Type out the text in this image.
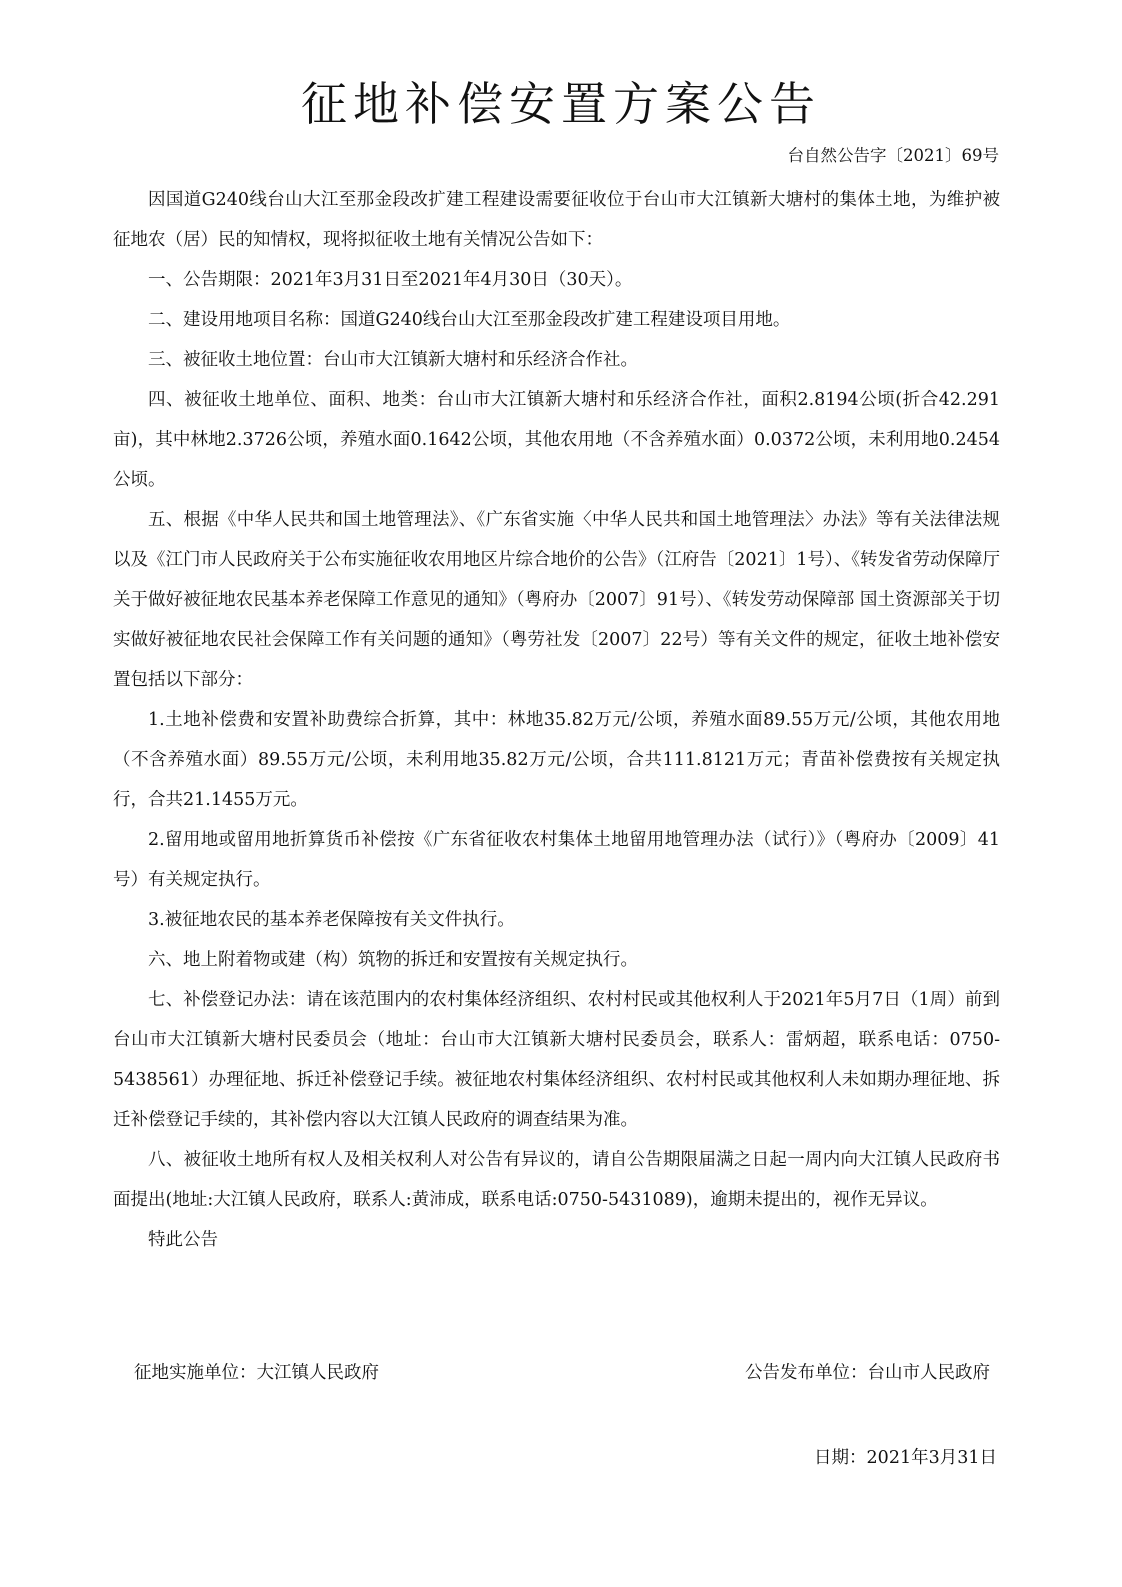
征地补偿安置方案公告
台自然公告字〔2021〕69号

因国道G240线台山大江至那金段改扩建工程建设需要征收位于台山市大江镇新大塘村的集体土地，为维护被征地农（居）民的知情权，现将拟征收土地有关情况公告如下：

一、公告期限：2021年3月31日至2021年4月30日（30天）。

二、建设用地项目名称：国道G240线台山大江至那金段改扩建工程建设项目用地。

三、被征收土地位置：台山市大江镇新大塘村和乐经济合作社。

四、被征收土地单位、面积、地类：台山市大江镇新大塘村和乐经济合作社，面积2.8194公顷(折合42.291亩)，其中林地2.3726公顷，养殖水面0.1642公顷，其他农用地（不含养殖水面）0.0372公顷，未利用地0.2454公顷。

五、根据《中华人民共和国土地管理法》、《广东省实施〈中华人民共和国土地管理法〉办法》等有关法律法规以及《江门市人民政府关于公布实施征收农用地区片综合地价的公告》（江府告〔2021〕1号）、《转发省劳动保障厅关于做好被征地农民基本养老保障工作意见的通知》（粤府办〔2007〕91号）、《转发劳动保障部 国土资源部关于切实做好被征地农民社会保障工作有关问题的通知》（粤劳社发〔2007〕22号）等有关文件的规定，征收土地补偿安置包括以下部分：

1.土地补偿费和安置补助费综合折算，其中：林地35.82万元/公顷，养殖水面89.55万元/公顷，其他农用地（不含养殖水面）89.55万元/公顷，未利用地35.82万元/公顷，合共111.8121万元；青苗补偿费按有关规定执行，合共21.1455万元。

2.留用地或留用地折算货币补偿按《广东省征收农村集体土地留用地管理办法（试行）》（粤府办〔2009〕41号）有关规定执行。

3.被征地农民的基本养老保障按有关文件执行。

六、地上附着物或建（构）筑物的拆迁和安置按有关规定执行。

七、补偿登记办法：请在该范围内的农村集体经济组织、农村村民或其他权利人于2021年5月7日（1周）前到台山市大江镇新大塘村民委员会（地址：台山市大江镇新大塘村民委员会，联系人：雷炳超，联系电话：0750-5438561）办理征地、拆迁补偿登记手续。被征地农村集体经济组织、农村村民或其他权利人未如期办理征地、拆迁补偿登记手续的，其补偿内容以大江镇人民政府的调查结果为准。

八、被征收土地所有权人及相关权利人对公告有异议的，请自公告期限届满之日起一周内向大江镇人民政府书面提出(地址:大江镇人民政府，联系人:黄沛成，联系电话:0750-5431089)，逾期未提出的，视作无异议。

特此公告

征地实施单位：大江镇人民政府	公告发布单位：台山市人民政府
日期：2021年3月31日
